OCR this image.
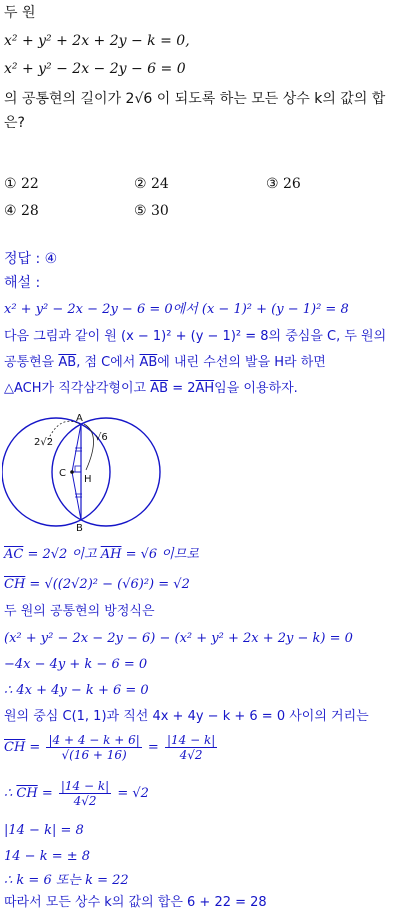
두 원
x² + y² + 2x + 2y − k = 0,
x² + y² − 2x − 2y − 6 = 0
의 공통현의 길이가 2√6 이 되도록 하는 모든 상수 k의 값의 합
은?
① 22	② 24	③ 26
④ 28	⑤ 30
정답 : ④
해설 :
x² + y² − 2x − 2y − 6 = 0에서 (x − 1)² + (y − 1)² = 8
다음 그림과 같이 원 (x − 1)² + (y − 1)² = 8의 중심을 C, 두 원의
공통현을 $\overline{AB}$, 점 C에서 $\overline{AB}$에 내린 수선의 발을 H라 하면
△ACH가 직각삼각형이고 $\overline{AB} = 2\overline{AH}$임을 이용하자.
A
B
C
H
2√2	√6
$\overline{AC} = 2√2$ 이고 $\overline{AH} = √6$ 이므로
$\overline{CH} = √((2√2)^2 - (√6)^2) = √2$
두 원의 공통현의 방정식은
(x² + y² − 2x − 2y − 6) − (x² + y² + 2x + 2y − k) = 0
−4x − 4y + k − 6 = 0
∴ 4x + 4y − k + 6 = 0
원의 중심 C(1, 1)과 직선 4x + 4y − k + 6 = 0 사이의 거리는
$\overline{CH} = \frac{|4 + 4 - k + 6|}{√(16 + 16)} = \frac{|14 - k|}{4√2}$
∴ $\overline{CH} = \frac{|14 - k|}{4√2} = √2$
|14 − k| = 8
14 − k = ± 8
∴ k = 6 또는 k = 22
따라서 모든 상수 k의 값의 합은 6 + 22 = 28
